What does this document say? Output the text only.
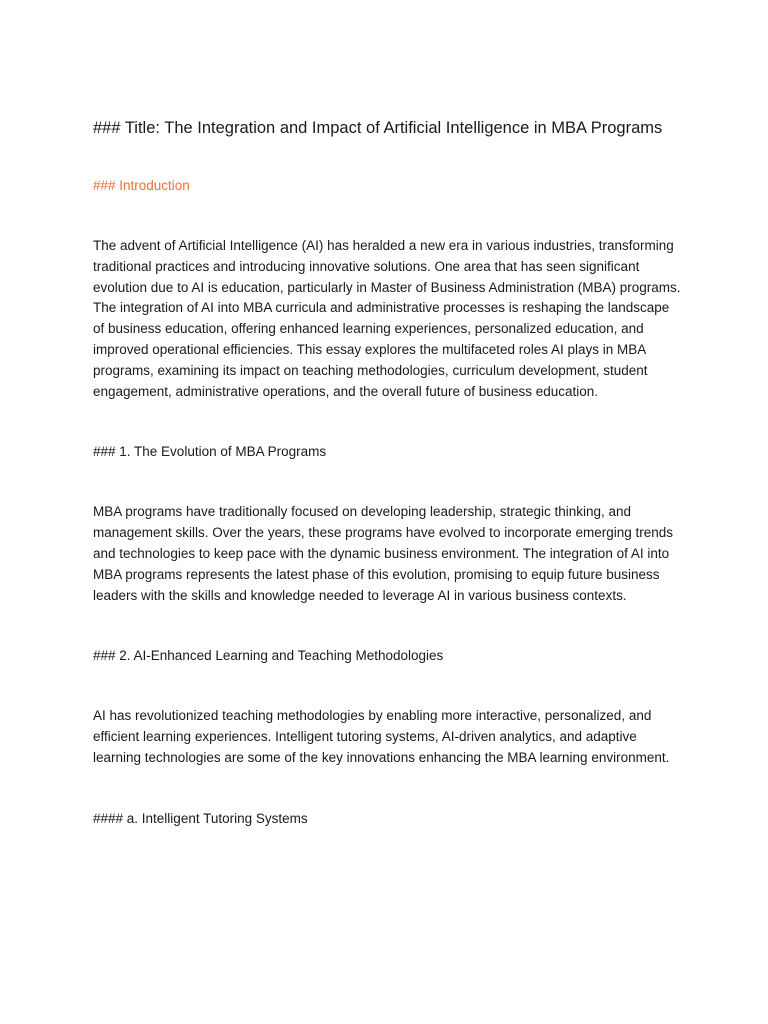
### Title: The Integration and Impact of Artificial Intelligence in MBA Programs
### Introduction

The advent of Artificial Intelligence (AI) has heralded a new era in various industries, transforming traditional practices and introducing innovative solutions. One area that has seen significant evolution due to AI is education, particularly in Master of Business Administration (MBA) programs. The integration of AI into MBA curricula and administrative processes is reshaping the landscape of business education, offering enhanced learning experiences, personalized education, and improved operational efficiencies. This essay explores the multifaceted roles AI plays in MBA programs, examining its impact on teaching methodologies, curriculum development, student engagement, administrative operations, and the overall future of business education.

### 1. The Evolution of MBA Programs

MBA programs have traditionally focused on developing leadership, strategic thinking, and management skills. Over the years, these programs have evolved to incorporate emerging trends and technologies to keep pace with the dynamic business environment. The integration of AI into MBA programs represents the latest phase of this evolution, promising to equip future business leaders with the skills and knowledge needed to leverage AI in various business contexts.

### 2. AI-Enhanced Learning and Teaching Methodologies

AI has revolutionized teaching methodologies by enabling more interactive, personalized, and efficient learning experiences. Intelligent tutoring systems, AI-driven analytics, and adaptive learning technologies are some of the key innovations enhancing the MBA learning environment.

#### a. Intelligent Tutoring Systems
